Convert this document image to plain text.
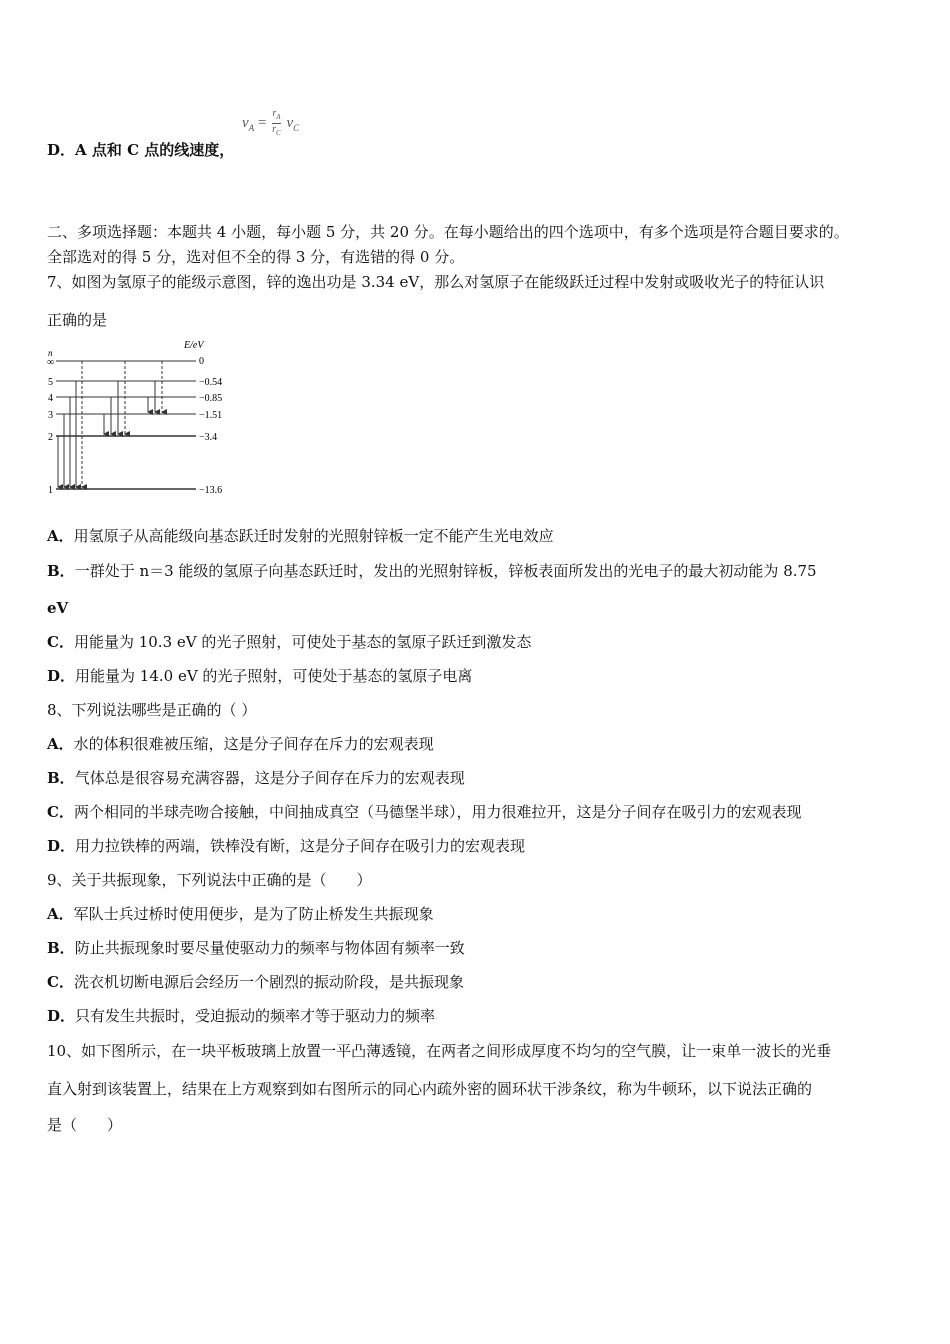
$v_A = \frac{r_A}{r_C} v_C$
D．A 点和 C 点的线速度，
二、多项选择题：本题共 4 小题，每小题 5 分，共 20 分。在每小题给出的四个选项中，有多个选项是符合题目要求的。
全部选对的得 5 分，选对但不全的得 3 分，有选错的得 0 分。
7、如图为氢原子的能级示意图，锌的逸出功是 3.34 eV，那么对氢原子在能级跃迁过程中发射或吸收光子的特征认识
正确的是
E/eV
n
∞	0
5	−0.54
4	−0.85
3	−1.51
2	−3.4
1	−13.6
A．用氢原子从高能级向基态跃迁时发射的光照射锌板一定不能产生光电效应
B．一群处于 n＝3 能级的氢原子向基态跃迁时，发出的光照射锌板，锌板表面所发出的光电子的最大初动能为 8.75
eV
C．用能量为 10.3 eV 的光子照射，可使处于基态的氢原子跃迁到激发态
D．用能量为 14.0 eV 的光子照射，可使处于基态的氢原子电离
8、下列说法哪些是正确的（ ）
A．水的体积很难被压缩，这是分子间存在斥力的宏观表现
B．气体总是很容易充满容器，这是分子间存在斥力的宏观表现
C．两个相同的半球壳吻合接触，中间抽成真空（马德堡半球），用力很难拉开，这是分子间存在吸引力的宏观表现
D．用力拉铁棒的两端，铁棒没有断，这是分子间存在吸引力的宏观表现
9、关于共振现象，下列说法中正确的是（　　）
A．军队士兵过桥时使用便步，是为了防止桥发生共振现象
B．防止共振现象时要尽量使驱动力的频率与物体固有频率一致
C．洗衣机切断电源后会经历一个剧烈的振动阶段，是共振现象
D．只有发生共振时，受迫振动的频率才等于驱动力的频率
10、如下图所示，在一块平板玻璃上放置一平凸薄透镜，在两者之间形成厚度不均匀的空气膜，让一束单一波长的光垂
直入射到该装置上，结果在上方观察到如右图所示的同心内疏外密的圆环状干涉条纹，称为牛顿环，以下说法正确的
是（　　）
